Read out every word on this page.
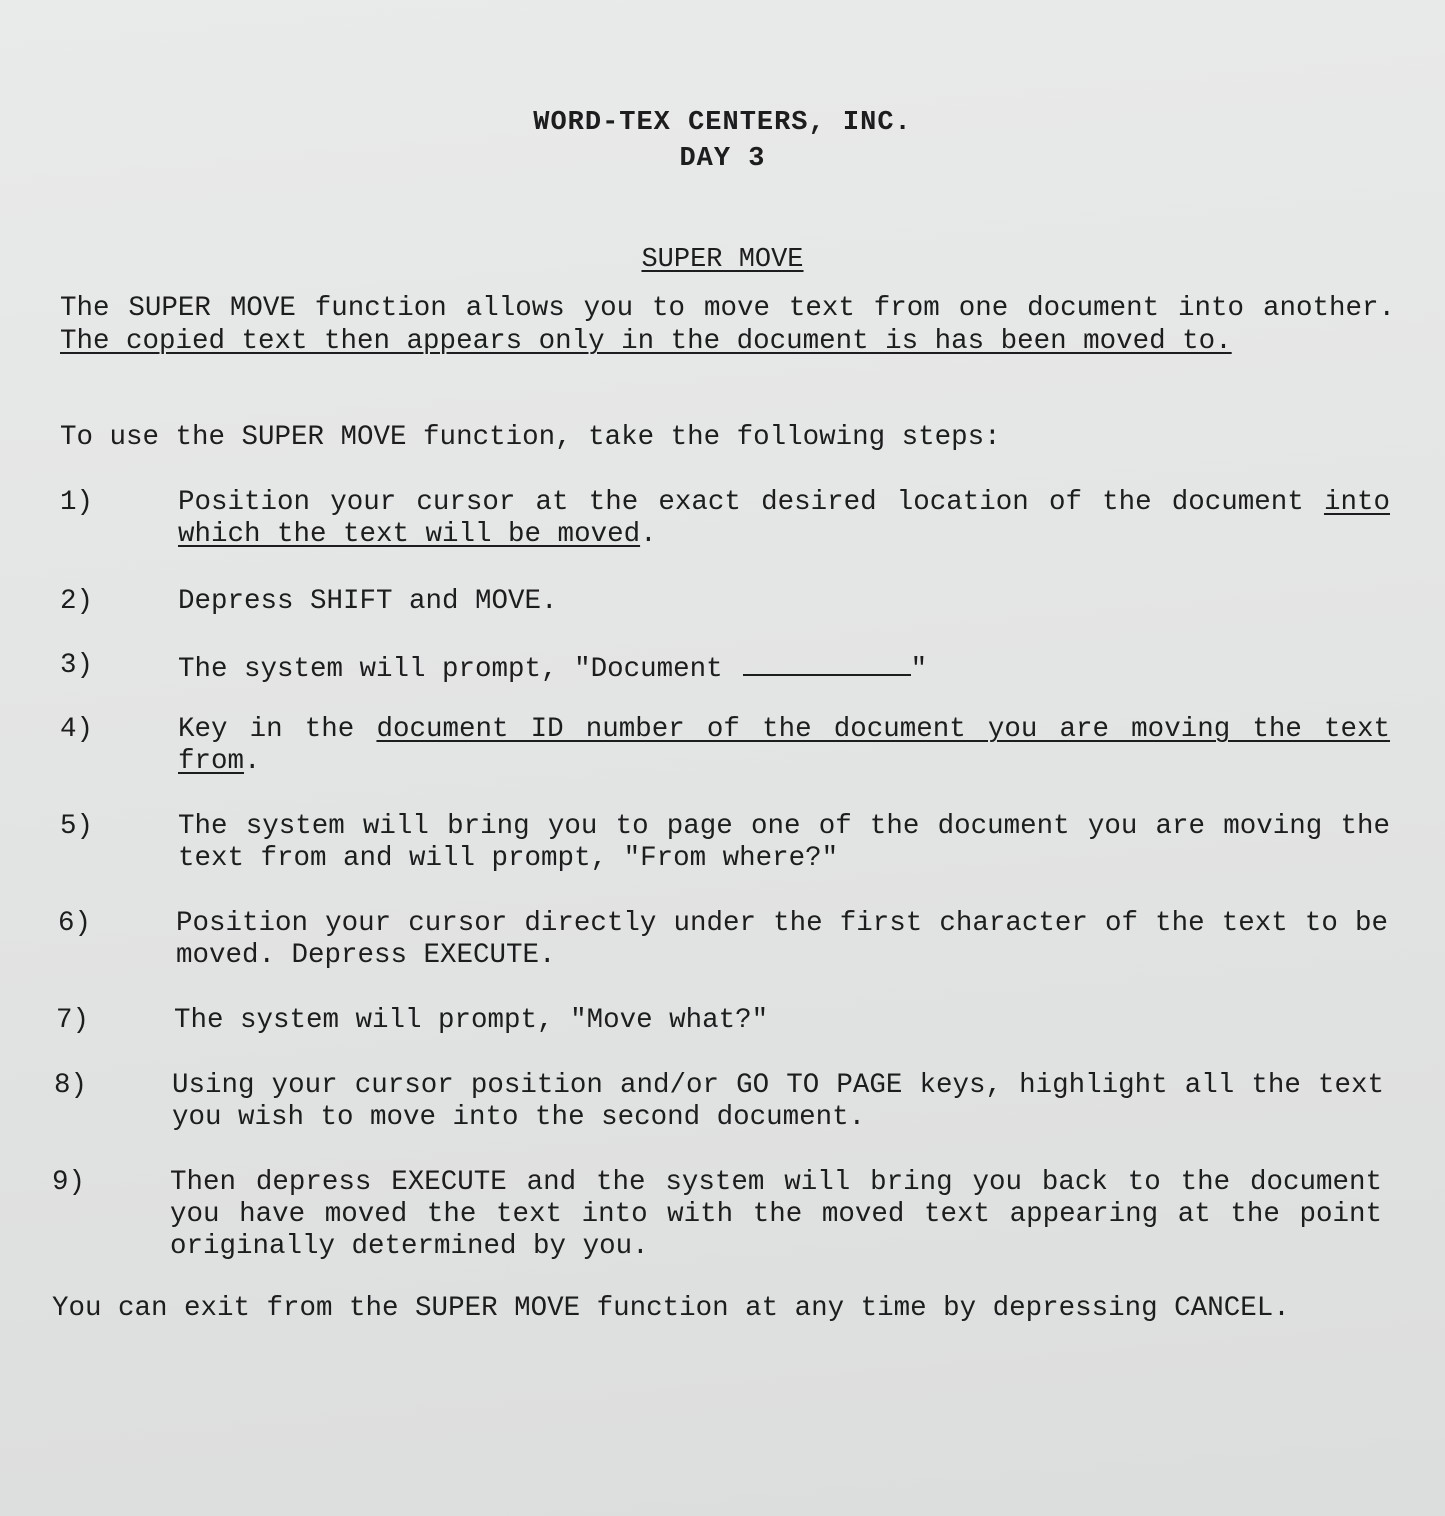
WORD-TEX CENTERS, INC.
DAY 3
SUPER MOVE
The SUPER MOVE function allows you to move text from one document into another. The copied text then appears only in the document is has been moved to.
To use the SUPER MOVE function, take the following steps:
1)	Position your cursor at the exact desired location of the document into which the text will be moved.
2)	Depress SHIFT and MOVE.
3)	The system will prompt, "Document	"
4)	Key in the document ID number of the document you are moving the text from.
5)	The system will bring you to page one of the document you are moving the text from and will prompt, "From where?"
6)	Position your cursor directly under the first character of the text to be moved. Depress EXECUTE.
7)	The system will prompt, "Move what?"
8)	Using your cursor position and/or GO TO PAGE keys, highlight all the text you wish to move into the second document.
9)	Then depress EXECUTE and the system will bring you back to the document you have moved the text into with the moved text appearing at the point originally determined by you.
You can exit from the SUPER MOVE function at any time by depressing CANCEL.
